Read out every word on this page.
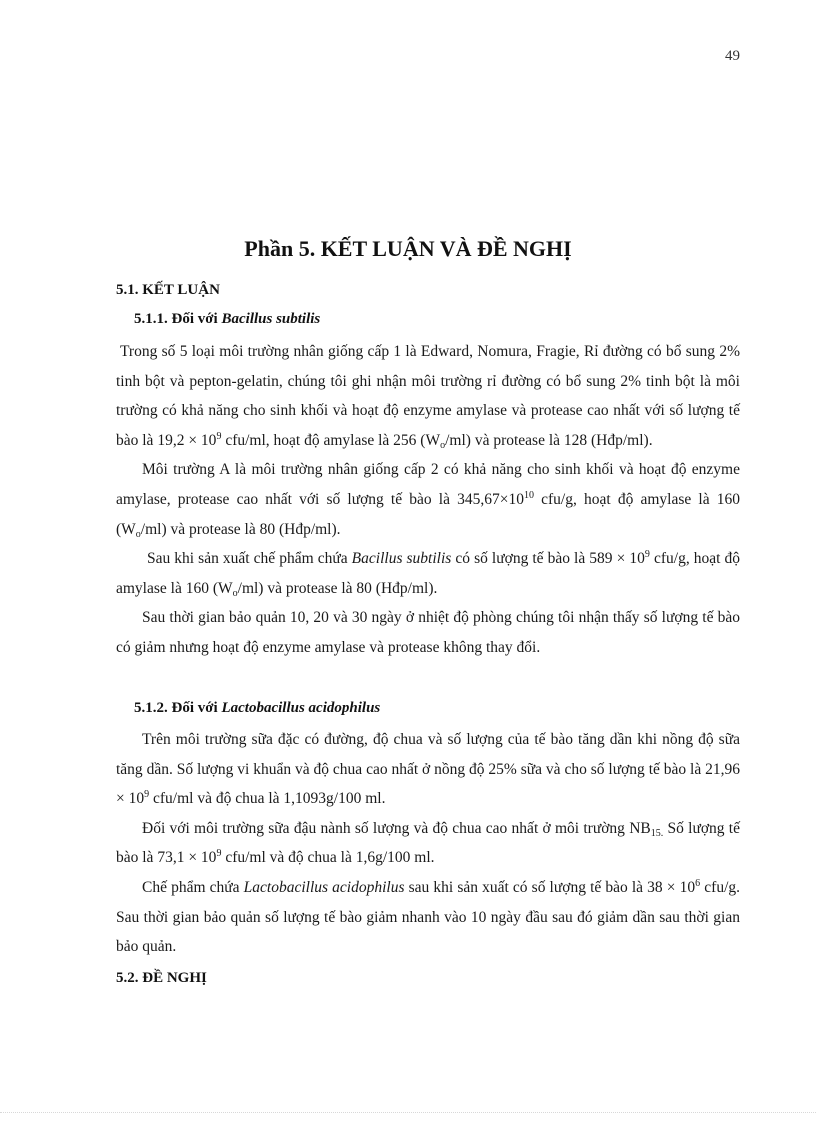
49
Phần 5. KẾT LUẬN VÀ ĐỀ NGHỊ
5.1. KẾT LUẬN
5.1.1. Đối với Bacillus subtilis

Trong số 5 loại môi trường nhân giống cấp 1 là Edward, Nomura, Fragie, Rỉ đường có bổ sung 2% tinh bột và pepton-gelatin, chúng tôi ghi nhận môi trường rỉ đường có bổ sung 2% tinh bột là môi trường có khả năng cho sinh khối và hoạt độ enzyme amylase và protease cao nhất với số lượng tế bào là $19,2 \times 10^9$ cfu/ml, hoạt độ amylase là 256 $(W_o/ml)$ và protease là 128 (Hđp/ml).

Môi trường A là môi trường nhân giống cấp 2 có khả năng cho sinh khối và hoạt độ enzyme amylase, protease cao nhất với số lượng tế bào là $345,67\times 10^{10}$ cfu/g, hoạt độ amylase là 160 $(W_o/ml)$ và protease là 80 (Hđp/ml).

Sau khi sản xuất chế phẩm chứa Bacillus subtilis có số lượng tế bào là $589 \times 10^9$ cfu/g, hoạt độ amylase là 160 $(W_o/ml)$ và protease là 80 (Hđp/ml).

Sau thời gian bảo quản 10, 20 và 30 ngày ở nhiệt độ phòng chúng tôi nhận thấy số lượng tế bào có giảm nhưng hoạt độ enzyme amylase và protease không thay đổi.

5.1.2. Đối với Lactobacillus acidophilus

Trên môi trường sữa đặc có đường, độ chua và số lượng của tế bào tăng dần khi nồng độ sữa tăng dần. Số lượng vi khuẩn và độ chua cao nhất ở nồng độ 25% sữa và cho số lượng tế bào là $21,96 \times 10^9$ cfu/ml và độ chua là 1,1093g/100 ml.

Đối với môi trường sữa đậu nành số lượng và độ chua cao nhất ở môi trường $NB_{15.}$ Số lượng tế bào là $73,1 \times 10^9$ cfu/ml và độ chua là 1,6g/100 ml.

Chế phẩm chứa Lactobacillus acidophilus sau khi sản xuất có số lượng tế bào là $38 \times 10^6$ cfu/g. Sau thời gian bảo quản số lượng tế bào giảm nhanh vào 10 ngày đầu sau đó giảm dần sau thời gian bảo quản.

5.2. ĐỀ NGHỊ
